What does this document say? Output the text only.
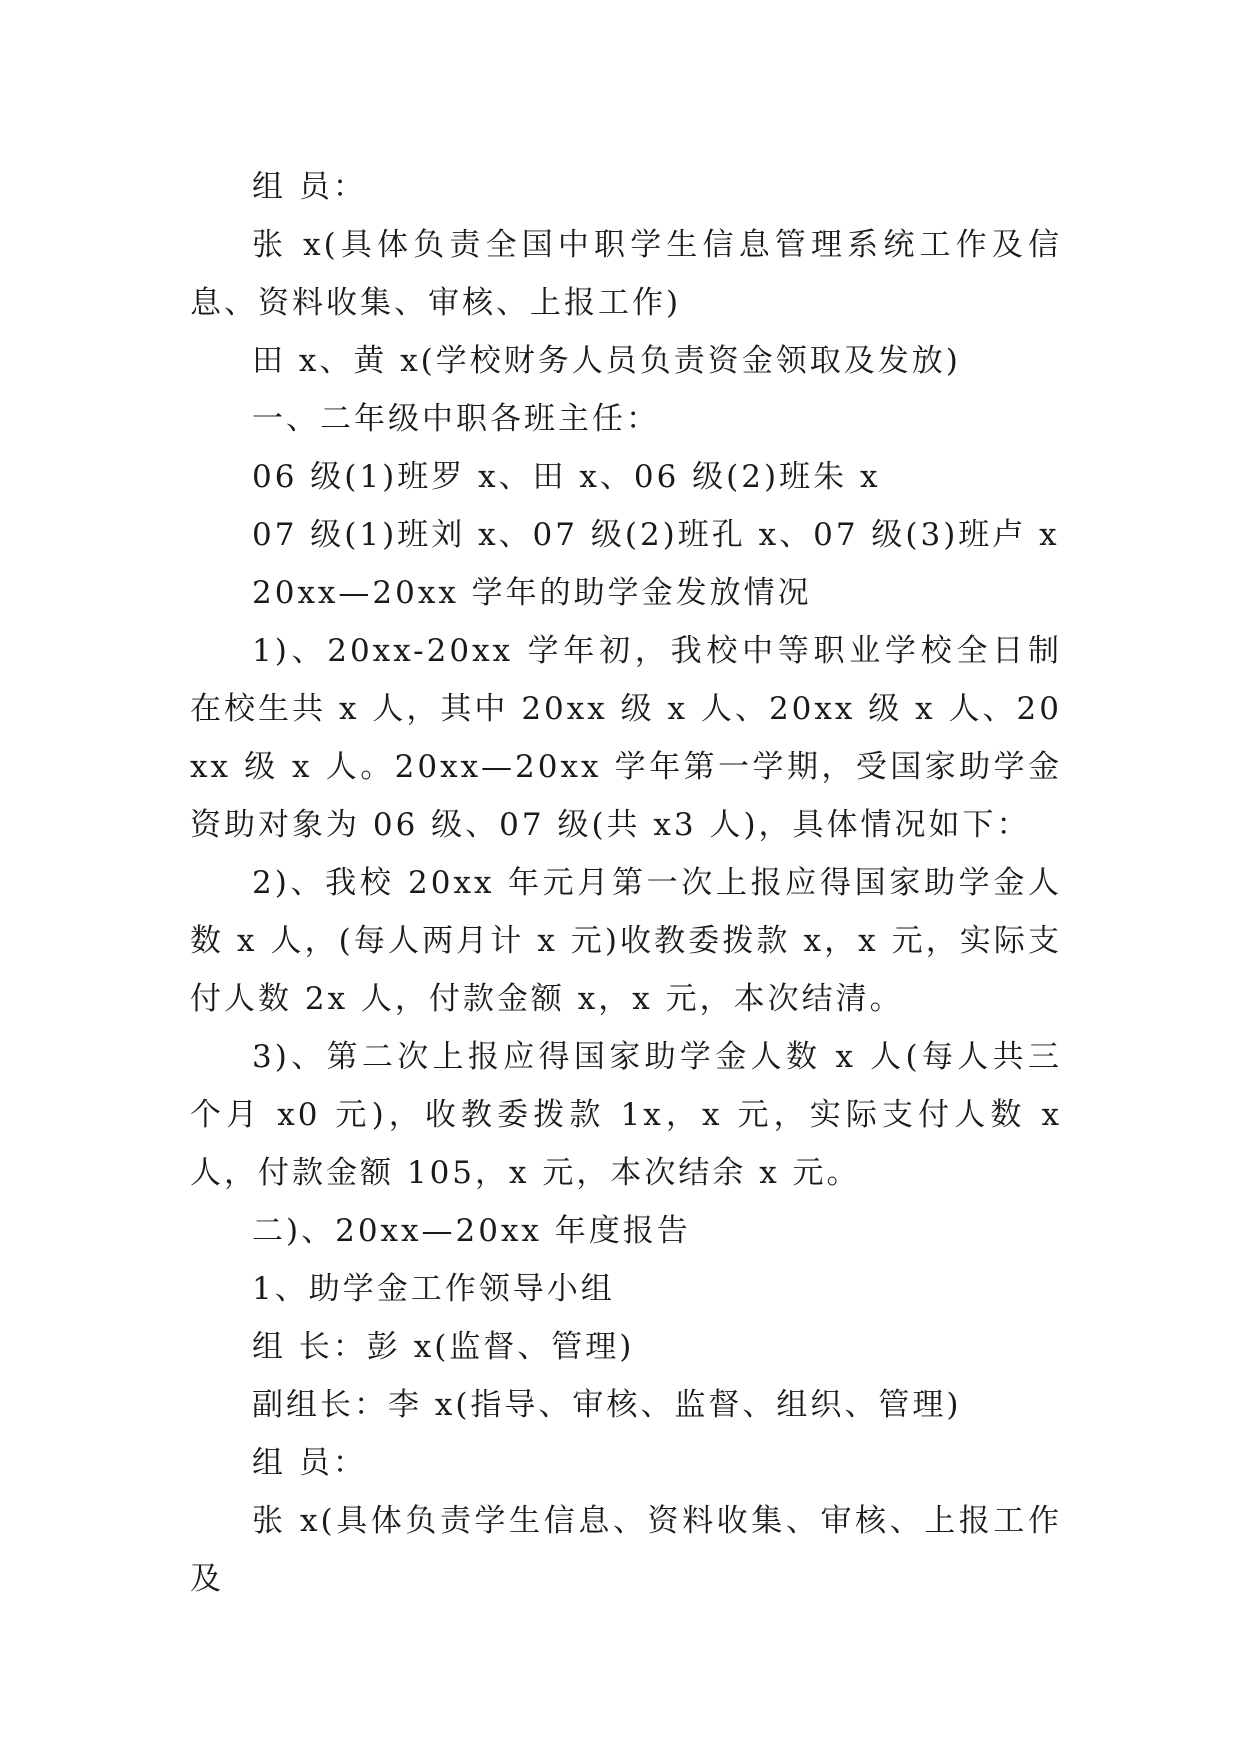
组 员：

张 x(具体负责全国中职学生信息管理系统工作及信息、资料收集、审核、上报工作)

田 x、黄 x(学校财务人员负责资金领取及发放)

一、二年级中职各班主任：

06 级(1)班罗 x、田 x、06 级(2)班朱 x

07 级(1)班刘 x、07 级(2)班孔 x、07 级(3)班卢 x

20xx—20xx 学年的助学金发放情况

1)、20xx-20xx 学年初，我校中等职业学校全日制在校生共 x 人，其中 20xx 级 x 人、20xx 级 x 人、20xx 级 x 人。20xx—20xx 学年第一学期，受国家助学金资助对象为 06 级、07 级(共 x3 人)，具体情况如下：

2)、我校 20xx 年元月第一次上报应得国家助学金人数 x 人，(每人两月计 x 元)收教委拨款 x，x 元，实际支付人数 2x 人，付款金额 x，x 元，本次结清。

3)、第二次上报应得国家助学金人数 x 人(每人共三个月 x0 元)，收教委拨款 1x，x 元，实际支付人数 x 人，付款金额 105，x 元，本次结余 x 元。

二)、20xx—20xx 年度报告

1、助学金工作领导小组

组 长：彭 x(监督、管理)

副组长：李 x(指导、审核、监督、组织、管理)

组 员：

张 x(具体负责学生信息、资料收集、审核、上报工作及
